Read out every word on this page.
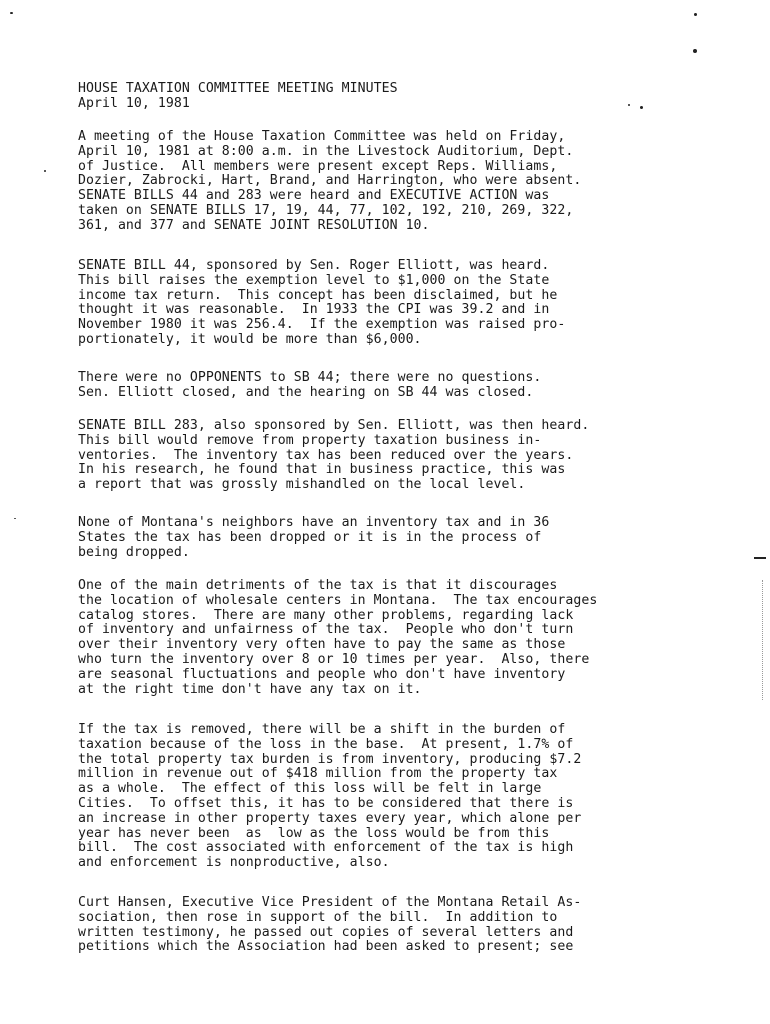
HOUSE TAXATION COMMITTEE MEETING MINUTES
April 10, 1981
A meeting of the House Taxation Committee was held on Friday,
April 10, 1981 at 8:00 a.m. in the Livestock Auditorium, Dept.
of Justice.  All members were present except Reps. Williams,
Dozier, Zabrocki, Hart, Brand, and Harrington, who were absent.
SENATE BILLS 44 and 283 were heard and EXECUTIVE ACTION was
taken on SENATE BILLS 17, 19, 44, 77, 102, 192, 210, 269, 322,
361, and 377 and SENATE JOINT RESOLUTION 10.
SENATE BILL 44, sponsored by Sen. Roger Elliott, was heard.
This bill raises the exemption level to $1,000 on the State
income tax return.  This concept has been disclaimed, but he
thought it was reasonable.  In 1933 the CPI was 39.2 and in
November 1980 it was 256.4.  If the exemption was raised pro-
portionately, it would be more than $6,000.
There were no OPPONENTS to SB 44; there were no questions.
Sen. Elliott closed, and the hearing on SB 44 was closed.
SENATE BILL 283, also sponsored by Sen. Elliott, was then heard.
This bill would remove from property taxation business in-
ventories.  The inventory tax has been reduced over the years.
In his research, he found that in business practice, this was
a report that was grossly mishandled on the local level.
None of Montana's neighbors have an inventory tax and in 36
States the tax has been dropped or it is in the process of
being dropped.
One of the main detriments of the tax is that it discourages
the location of wholesale centers in Montana.  The tax encourages
catalog stores.  There are many other problems, regarding lack
of inventory and unfairness of the tax.  People who don't turn
over their inventory very often have to pay the same as those
who turn the inventory over 8 or 10 times per year.  Also, there
are seasonal fluctuations and people who don't have inventory
at the right time don't have any tax on it.
If the tax is removed, there will be a shift in the burden of
taxation because of the loss in the base.  At present, 1.7% of
the total property tax burden is from inventory, producing $7.2
million in revenue out of $418 million from the property tax
as a whole.  The effect of this loss will be felt in large
Cities.  To offset this, it has to be considered that there is
an increase in other property taxes every year, which alone per
year has never been  as  low as the loss would be from this
bill.  The cost associated with enforcement of the tax is high
and enforcement is nonproductive, also.
Curt Hansen, Executive Vice President of the Montana Retail As-
sociation, then rose in support of the bill.  In addition to
written testimony, he passed out copies of several letters and
petitions which the Association had been asked to present; see
